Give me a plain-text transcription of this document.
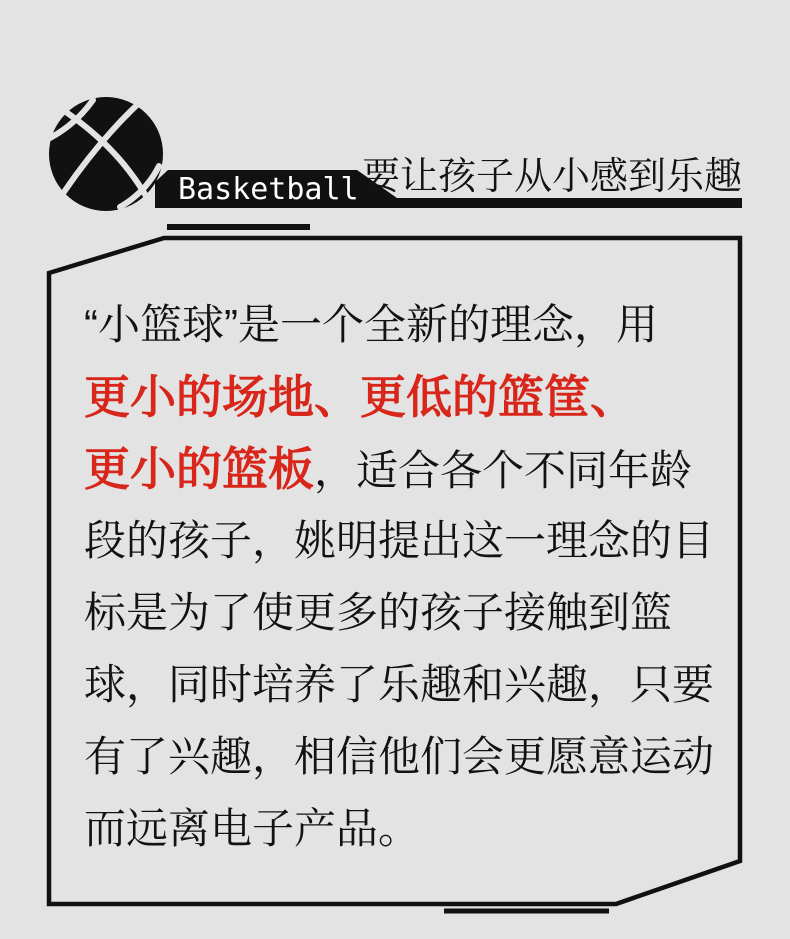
Basketball 要让孩子从小感到乐趣
“小篮球”是一个全新的理念，用
更小的场地、更低的篮筐、
更小的篮板，适合各个不同年龄
段的孩子，姚明提出这一理念的目
标是为了使更多的孩子接触到篮
球，同时培养了乐趣和兴趣，只要
有了兴趣，相信他们会更愿意运动
而远离电子产品。
